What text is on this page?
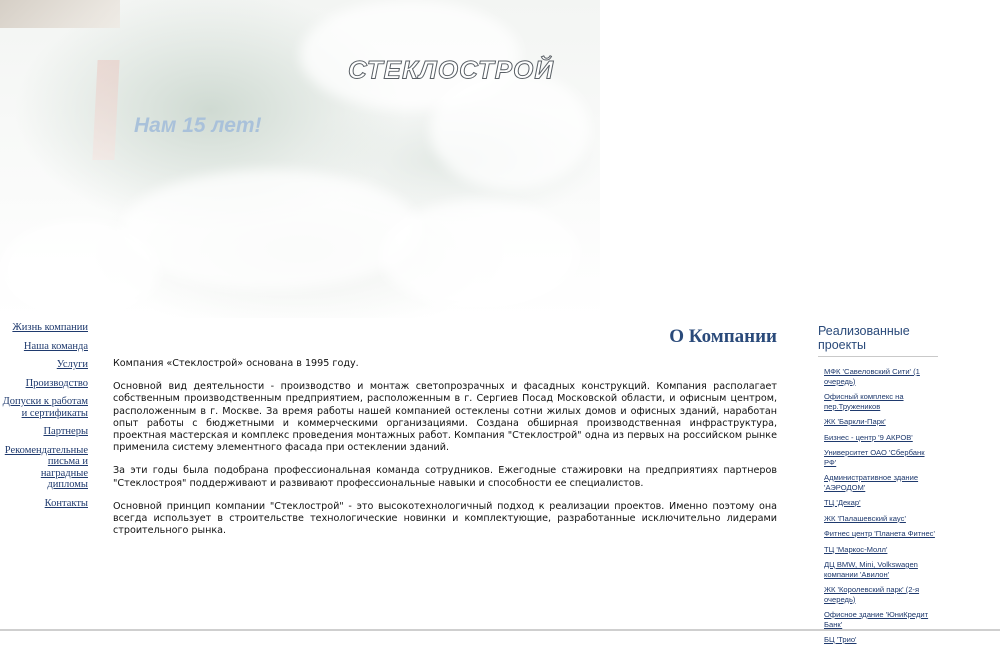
СТЕКЛОСТРОЙ
Нам 15 лет!
Жизнь компании
Наша команда
Услуги
Производство
Допуски к работам и сертификаты
Партнеры
Рекомендательные письма и наградные дипломы
Контакты
О Компании

Компания «Стеклострой» основана в 1995 году.

Основной вид деятельности - производство и монтаж светопрозрачных и фасадных конструкций. Компания располагает собственным производственным предприятием, расположенным в г. Сергиев Посад Московской области, и офисным центром, расположенным в г. Москве. За время работы нашей компанией остеклены сотни жилых домов и офисных зданий, наработан опыт работы с бюджетными и коммерческими организациями. Создана обширная производственная инфраструктура, проектная мастерская и комплекс проведения монтажных работ. Компания "Стеклострой" одна из первых на российском рынке применила систему элементного фасада при остеклении зданий.

За эти годы была подобрана профессиональная команда сотрудников. Ежегодные стажировки на предприятиях партнеров "Стеклостроя" поддерживают и развивают профессиональные навыки и способности ее специалистов.

Основной принцип компании "Стеклострой" - это высокотехнологичный подход к реализации проектов. Именно поэтому она всегда использует в строительстве технологические новинки и комплектующие, разработанные исключительно лидерами строительного рынка.

Реализованные проекты
МФК 'Савеловский Сити' (1 очередь)
Офисный комплекс на пер.Тружеников
ЖК 'Баркли-Парк'
Бизнес - центр '9 АКРОВ'
Университет ОАО 'Сбербанк РФ'
Административное здание 'АЭРОДОМ'
ТЦ 'Декар'
ЖК 'Палашевский каус'
Фитнес центр 'Планета Фитнес'
ТЦ 'Маркос-Молл'
ДЦ BMW, Mini, Volkswagen компании 'Авилон'
ЖК 'Королевский парк' (2-я очередь)
Офисное здание 'ЮниКредит Банк'
БЦ 'Трио'
